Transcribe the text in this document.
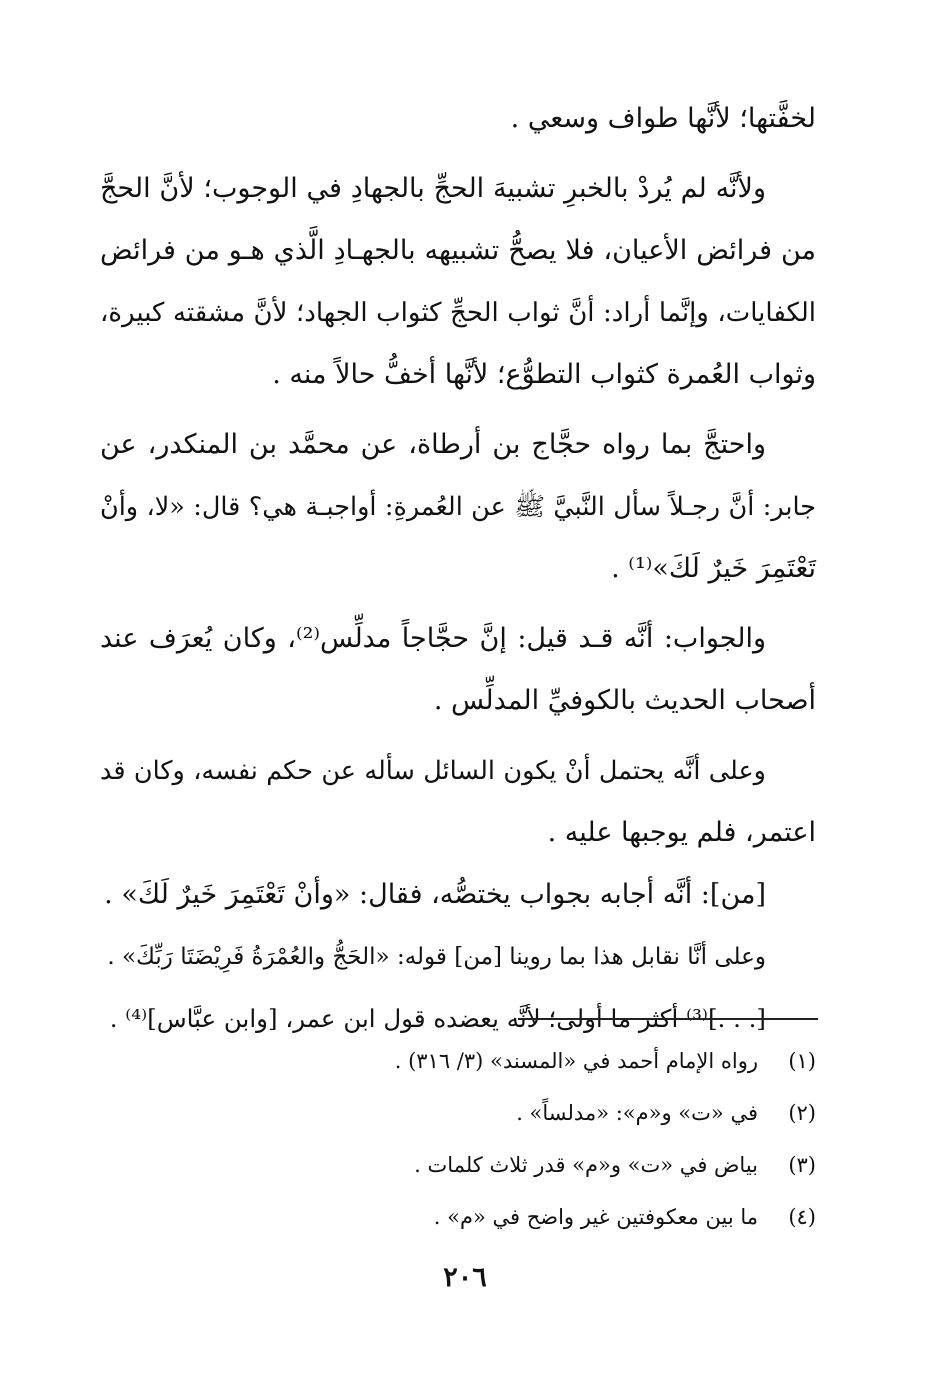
لخفَّتها؛ لأنَّها طواف وسعي .
ولأنَّه لم يُردْ بالخبرِ تشبيهَ الحجِّ بالجهادِ في الوجوب؛ لأنَّ الحجَّ
من فرائض الأعيان، فلا يصحُّ تشبيهه بالجهـادِ الَّذي هـو من فرائض
الكفايات، وإنَّما أراد: أنَّ ثواب الحجِّ كثواب الجهاد؛ لأنَّ مشقته كبيرة،
وثواب العُمرة كثواب التطوُّع؛ لأنَّها أخفُّ حالاً منه .
واحتجَّ بما رواه حجَّاج بن أرطاة، عن محمَّد بن المنكدر، عن
جابر: أنَّ رجـلاً سأل النَّبيَّ ﷺ عن العُمرةِ: أواجبـة هي؟ قال: «لا، وأنْ
تَعْتَمِرَ خَيرٌ لَكَ»⁽¹⁾ .
والجواب: أنَّه قـد قيل: إنَّ حجَّاجاً مدلِّس⁽²⁾، وكان يُعرَف عند
أصحاب الحديث بالكوفيِّ المدلِّس .
وعلى أنَّه يحتمل أنْ يكون السائل سأله عن حكم نفسه، وكان قد
اعتمر، فلم يوجبها عليه .
[من]: أنَّه أجابه بجواب يختصُّه، فقال: «وأنْ تَعْتَمِرَ خَيرٌ لَكَ» .
وعلى أنَّا نقابل هذا بما روينا [من] قوله: «الحَجُّ والعُمْرَةُ فَرِيْضَتَا رَبِّكَ» .
[. . .]⁽³⁾ أكثر ما أولى؛ لأنَّه يعضده قول ابن عمر، [وابن عبَّاس]⁽⁴⁾ .
(١)رواه الإمام أحمد في «المسند» (٣/ ٣١٦) .
(٢)في «ت» و«م»: «مدلساً» .
(٣)بياض في «ت» و«م» قدر ثلاث كلمات .
(٤)ما بين معكوفتين غير واضح في «م» .
٢٠٦
